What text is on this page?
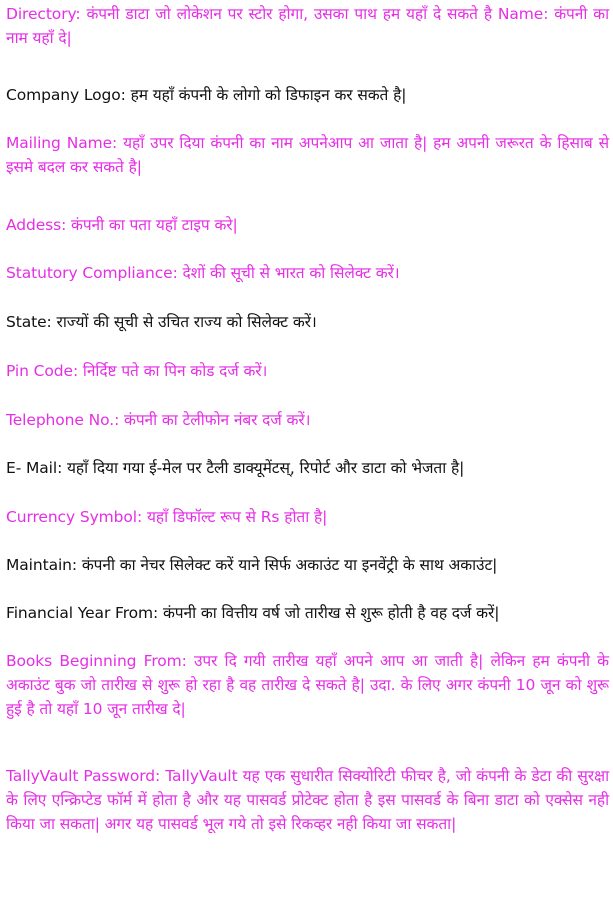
Directory: कंपनी डाटा जो लोकेशन पर स्टोर होगा, उसका पाथ हम यहाँ दे सकते है Name: कंपनी का नाम यहाँ दे|

Company Logo: हम यहाँ कंपनी के लोगो को डिफाइन कर सकते है|

Mailing Name: यहाँ उपर दिया कंपनी का नाम अपनेआप आ जाता है| हम अपनी जरूरत के हिसाब से इसमे बदल कर सकते है|

Addess: कंपनी का पता यहाँ टाइप करे|

Statutory Compliance: देशों की सूची से भारत को सिलेक्ट करें।

State: राज्यों की सूची से उचित राज्य को सिलेक्ट करें।

Pin Code: निर्दिष्ट पते का पिन कोड दर्ज करें।

Telephone No.: कंपनी का टेलीफोन नंबर दर्ज करें।

E- Mail: यहाँ दिया गया ई-मेल पर टैली डाक्यूमेंटस्, रिपोर्ट और डाटा को भेजता है|

Currency Symbol: यहाँ डिफॉल्ट रूप से Rs होता है|

Maintain: कंपनी का नेचर सिलेक्ट करें याने सिर्फ अकाउंट या इनवेंट्री के साथ अकाउंट|

Financial Year From: कंपनी का वित्तीय वर्ष जो तारीख से शुरू होती है वह दर्ज करें|

Books Beginning From: उपर दि गयी तारीख यहाँ अपने आप आ जाती है| लेकिन हम कंपनी के अकाउंट बुक जो तारीख से शुरू हो रहा है वह तारीख दे सकते है| उदा. के लिए अगर कंपनी 10 जून को शुरू हुई है तो यहाँ 10 जून तारीख दे|

TallyVault Password: TallyVault यह एक सुधारीत सिक्योरिटी फीचर है, जो कंपनी के डेटा की सुरक्षा के लिए एन्क्रिप्टेड फॉर्म में होता है और यह पासवर्ड प्रोटेक्ट होता है इस पासवर्ड के बिना डाटा को एक्सेस नही किया जा सकता| अगर यह पासवर्ड भूल गये तो इसे रिकव्हर नही किया जा सकता|
